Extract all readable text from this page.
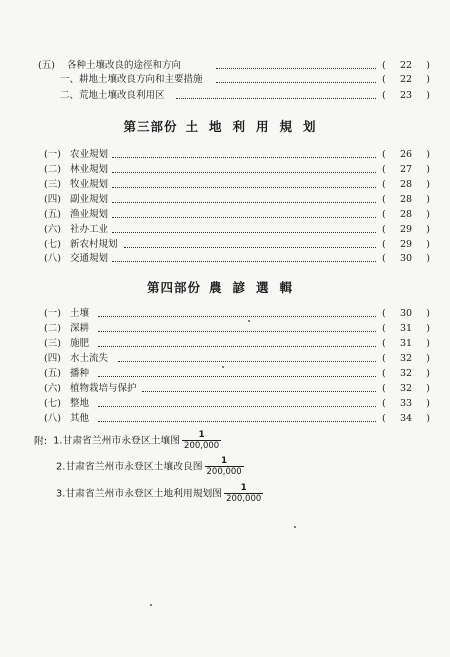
(五) 各种土壤改良的途徑和方向	(	22	)
一、耕地土壤改良方向和主要措施	(	22	)
二、荒地土壤改良利用区	(	23	)
第三部份 土地利用規划
(一) 农业規划	(	26	)
(二) 林业規划	(	27	)
(三) 牧业規划	(	28	)
(四) 副业規划	(	28	)
(五) 渔业規划	(	28	)
(六) 社办工业	(	29	)
(七) 新农村規划	(	29	)
(八) 交通規划	(	30	)
第四部份 農諺選輯
(一) 土壤	(	30	)
(二) 深耕	(	31	)
(三) 施肥	(	31	)
(四) 水土流失	(	32	)
(五) 播种	(	32	)
(六) 植物栽培与保护	(	32	)
(七) 整地	(	33	)
(八) 其他	(	34	)
附: 1.甘肃省兰州市永登区土壤图 $\frac{1}{200,000}$
2.甘肃省兰州市永登区土壤改良图 $\frac{1}{200,000}$
3.甘肃省兰州市永登区土地利用規划图 $\frac{1}{200,000}$
